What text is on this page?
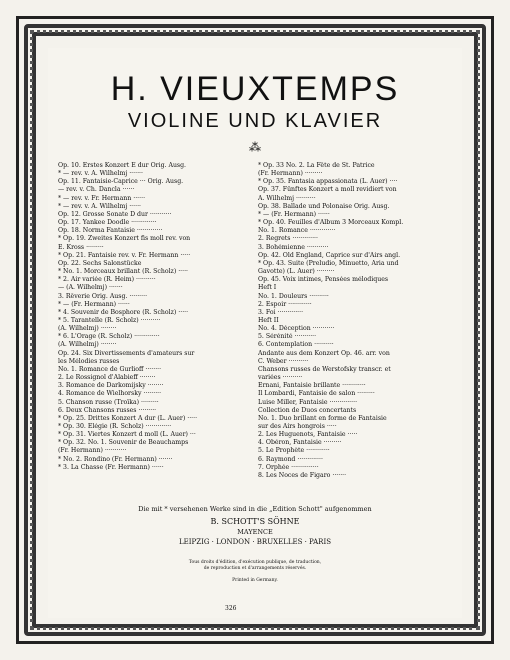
H. VIEUXTEMPS
VIOLINE UND KLAVIER
⁂
Op. 10. Erstes Konzert E dur Orig. Ausg.
* — rev. v. A. Wilhelmj ·······
Op. 11. Fantaisie-Caprice ··· Orig. Ausg.
— rev. v. Ch. Dancla ······
* — rev. v. Fr. Hermann ······
* — rev. v. A. Wilhelmj ······
Op. 12. Grosse Sonate D dur ···········
Op. 17. Yankee Doodle ·············
Op. 18. Norma Fantaisie ·············
* Op. 19. Zweites Konzert fis moll rev. von
E. Kross ·········
* Op. 21. Fantaisie rev. v. Fr. Hermann ·····
Op. 22. Sechs Salonstücke
* No. 1. Morceaux brillant (R. Scholz) ·····
* 2. Air variée (R. Heim) ··········
— (A. Wilhelmj) ·······
3. Rêverie Orig. Ausg. ·········
* — (Fr. Hermann) ······
* 4. Souvenir de Bosphore (R. Scholz) ·····
* 5. Tarantelle (R. Scholz) ··········
(A. Wilhelmj) ········
* 6. L'Orage (R. Scholz) ·············
(A. Wilhelmj) ········
Op. 24. Six Divertissements d'amateurs sur
les Mélodies russes
No. 1. Romance de Gurlioff ········
2. Le Rossignol d'Alabieff ········
3. Romance de Darkomijsky ········
4. Romance de Wielhorsky ·········
5. Chanson russe (Troïka) ·········
6. Deux Chansons russes ·········
* Op. 25. Drittes Konzert A dur (L. Auer) ·····
* Op. 30. Elégie (R. Scholz) ·············
* Op. 31. Viertes Konzert d moll (L. Auer) ···
* Op. 32. No. 1. Souvenir de Beauchamps
(Fr. Hermann) ···········
* No. 2. Rondino (Fr. Hermann) ·······
* 3. La Chasse (Fr. Hermann) ······
* Op. 33 No. 2. La Fête de St. Patrice
(Fr. Hermann) ·········
* Op. 35. Fantasia appassionata (L. Auer) ····
Op. 37. Fünftes Konzert a moll revidiert von
A. Wilhelmj ··········
Op. 38. Ballade und Polonaise Orig. Ausg.
* — (Fr. Hermann) ······
* Op. 40. Feuilles d'Album 3 Morceaux Kompl.
No. 1. Romance ·············
2. Regrets ·············
3. Bohémienne ···········
Op. 42. Old England, Caprice sur d'Airs angl.
* Op. 43. Suite (Preludio, Minuetto, Aria und
Gavotte) (L. Auer) ·········
Op. 45. Voix intimes, Pensées mélodiques
Heft I
No. 1. Douleurs ··········
2. Espoir ············
3. Foi ·············
Heft II
No. 4. Déception ···········
5. Sérénité ···········
6. Contemplation ··········
Andante aus dem Konzert Op. 46. arr. von
C. Weber ··········
Chansons russes de Werstofsky transcr. et
variées ··········
Ernani, Fantaisie brillante ············
Il Lombardi, Fantaisie de salon ·········
Luise Miller, Fantaisie ··············
Collection de Duos concertants
No. 1. Duo brillant en forme de Fantaisie
sur des Airs hongrois ·····
2. Les Huguenots, Fantaisie ·····
4. Obéron, Fantaisie ·········
5. Le Prophète ············
6. Raymond ·············
7. Orphée ··············
8. Les Noces de Figaro ·······
Die mit * versehenen Werke sind in die „Edition Schott" aufgenommen
B. SCHOTT'S SÖHNE
MAYENCE
LEIPZIG · LONDON · BRUXELLES · PARIS
Tous droits d'édition, d'exécution publique, de traduction,
de reproduction et d'arrangements réservés.
Printed in Germany.
326
